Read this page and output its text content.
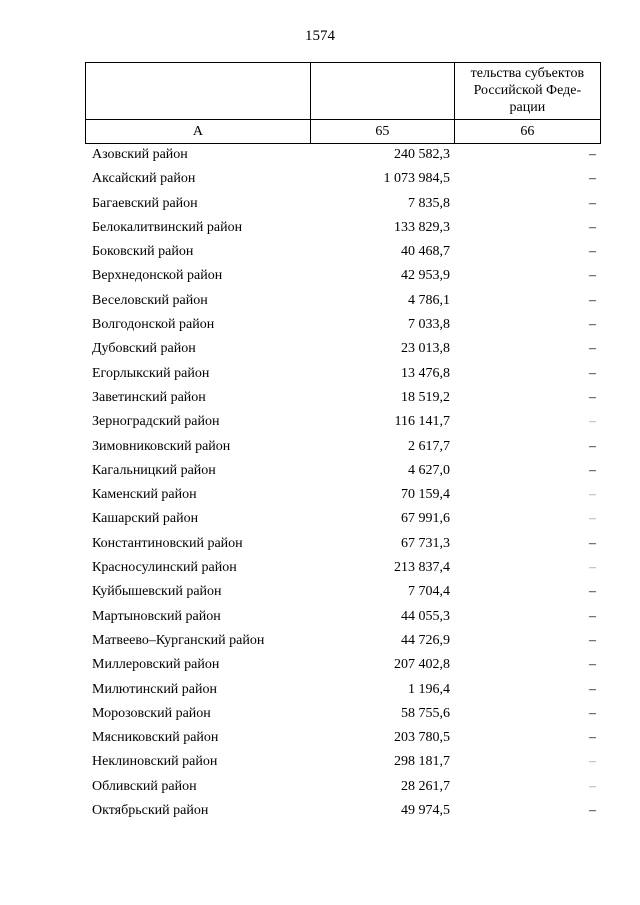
1574

		тельства субъектов
Российской Феде-
рации

А	65	66
Азовский район	240 582,3	–
Аксайский район	1 073 984,5	–
Багаевский район	7 835,8	–
Белокалитвинский район	133 829,3	–
Боковский район	40 468,7	–
Верхнедонской район	42 953,9	–
Веселовский район	4 786,1	–
Волгодонской район	7 033,8	–
Дубовский район	23 013,8	–
Егорлыкский район	13 476,8	–
Заветинский район	18 519,2	–
Зерноградский район	116 141,7	–
Зимовниковский район	2 617,7	–
Кагальницкий район	4 627,0	–
Каменский район	70 159,4	–
Кашарский район	67 991,6	–
Константиновский район	67 731,3	–
Красносулинский район	213 837,4	–
Куйбышевский район	7 704,4	–
Мартыновский район	44 055,3	–
Матвеево–Курганский район	44 726,9	–
Миллеровский район	207 402,8	–
Милютинский район	1 196,4	–
Морозовский район	58 755,6	–
Мясниковский район	203 780,5	–
Неклиновский район	298 181,7	–
Обливский район	28 261,7	–
Октябрьский район	49 974,5	–
